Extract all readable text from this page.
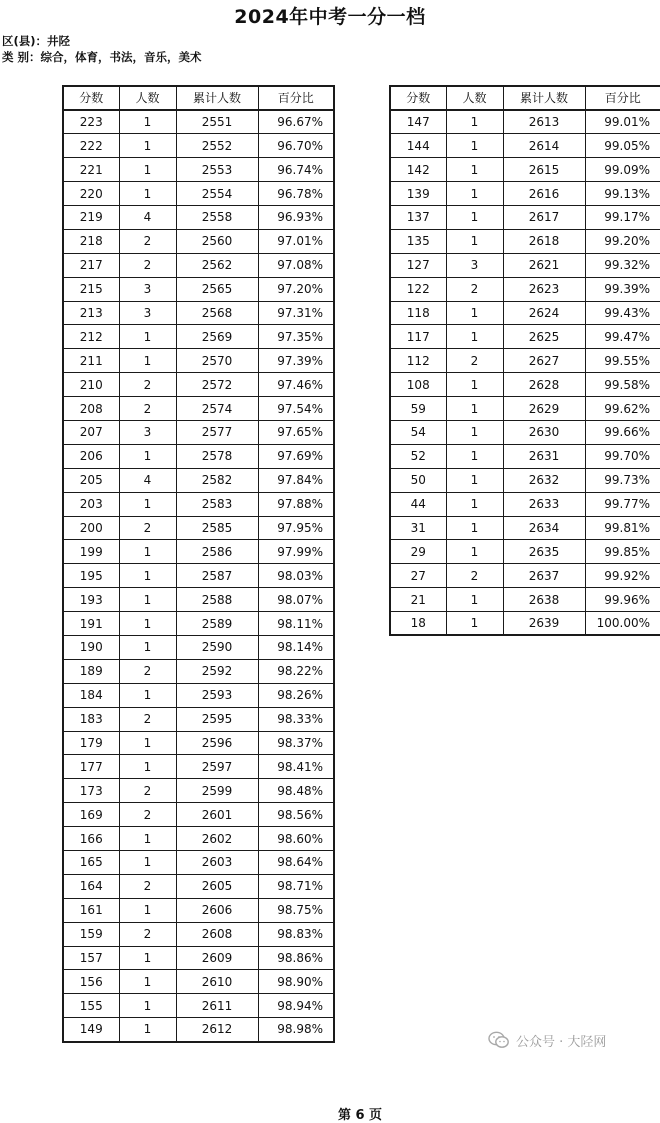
2024年中考一分一档
区(县)：井陉
类 别：综合，体育，书法，音乐，美术
分数	人数	累计人数	百分比
223	1	2551	96.67%
222	1	2552	96.70%
221	1	2553	96.74%
220	1	2554	96.78%
219	4	2558	96.93%
218	2	2560	97.01%
217	2	2562	97.08%
215	3	2565	97.20%
213	3	2568	97.31%
212	1	2569	97.35%
211	1	2570	97.39%
210	2	2572	97.46%
208	2	2574	97.54%
207	3	2577	97.65%
206	1	2578	97.69%
205	4	2582	97.84%
203	1	2583	97.88%
200	2	2585	97.95%
199	1	2586	97.99%
195	1	2587	98.03%
193	1	2588	98.07%
191	1	2589	98.11%
190	1	2590	98.14%
189	2	2592	98.22%
184	1	2593	98.26%
183	2	2595	98.33%
179	1	2596	98.37%
177	1	2597	98.41%
173	2	2599	98.48%
169	2	2601	98.56%
166	1	2602	98.60%
165	1	2603	98.64%
164	2	2605	98.71%
161	1	2606	98.75%
159	2	2608	98.83%
157	1	2609	98.86%
156	1	2610	98.90%
155	1	2611	98.94%
149	1	2612	98.98%
分数	人数	累计人数	百分比
147	1	2613	99.01%
144	1	2614	99.05%
142	1	2615	99.09%
139	1	2616	99.13%
137	1	2617	99.17%
135	1	2618	99.20%
127	3	2621	99.32%
122	2	2623	99.39%
118	1	2624	99.43%
117	1	2625	99.47%
112	2	2627	99.55%
108	1	2628	99.58%
59	1	2629	99.62%
54	1	2630	99.66%
52	1	2631	99.70%
50	1	2632	99.73%
44	1	2633	99.77%
31	1	2634	99.81%
29	1	2635	99.85%
27	2	2637	99.92%
21	1	2638	99.96%
18	1	2639	100.00%
公众号 · 大陉网
第 6 页
